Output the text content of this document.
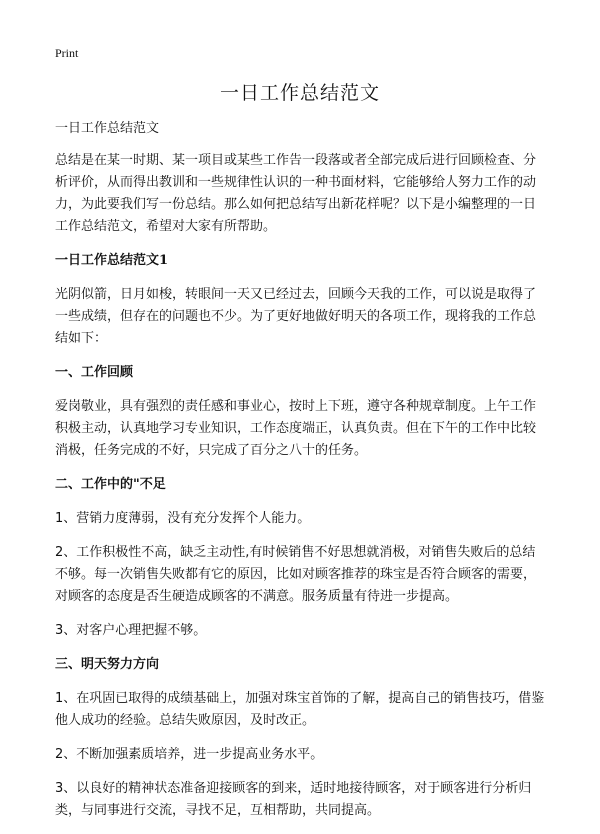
Print
一日工作总结范文

一日工作总结范文

总结是在某一时期、某一项目或某些工作告一段落或者全部完成后进行回顾检查、分析评价，从而得出教训和一些规律性认识的一种书面材料，它能够给人努力工作的动力，为此要我们写一份总结。那么如何把总结写出新花样呢？以下是小编整理的一日工作总结范文，希望对大家有所帮助。

一日工作总结范文1

光阴似箭，日月如梭，转眼间一天又已经过去，回顾今天我的工作，可以说是取得了一些成绩，但存在的问题也不少。为了更好地做好明天的各项工作，现将我的工作总结如下：

一、工作回顾

爱岗敬业，具有强烈的责任感和事业心，按时上下班，遵守各种规章制度。上午工作积极主动，认真地学习专业知识，工作态度端正，认真负责。但在下午的工作中比较消极，任务完成的不好，只完成了百分之八十的任务。

二、工作中的"不足

1、营销力度薄弱，没有充分发挥个人能力。

2、工作积极性不高，缺乏主动性,有时候销售不好思想就消极，对销售失败后的总结不够。每一次销售失败都有它的原因，比如对顾客推荐的珠宝是否符合顾客的需要，对顾客的态度是否生硬造成顾客的不满意。服务质量有待进一步提高。

3、对客户心理把握不够。

三、明天努力方向

1、在巩固已取得的成绩基础上，加强对珠宝首饰的了解，提高自己的销售技巧，借鉴他人成功的经验。总结失败原因，及时改正。

2、不断加强素质培养，进一步提高业务水平。

3、以良好的精神状态准备迎接顾客的到来，适时地接待顾客，对于顾客进行分析归类，与同事进行交流，寻找不足，互相帮助，共同提高。
